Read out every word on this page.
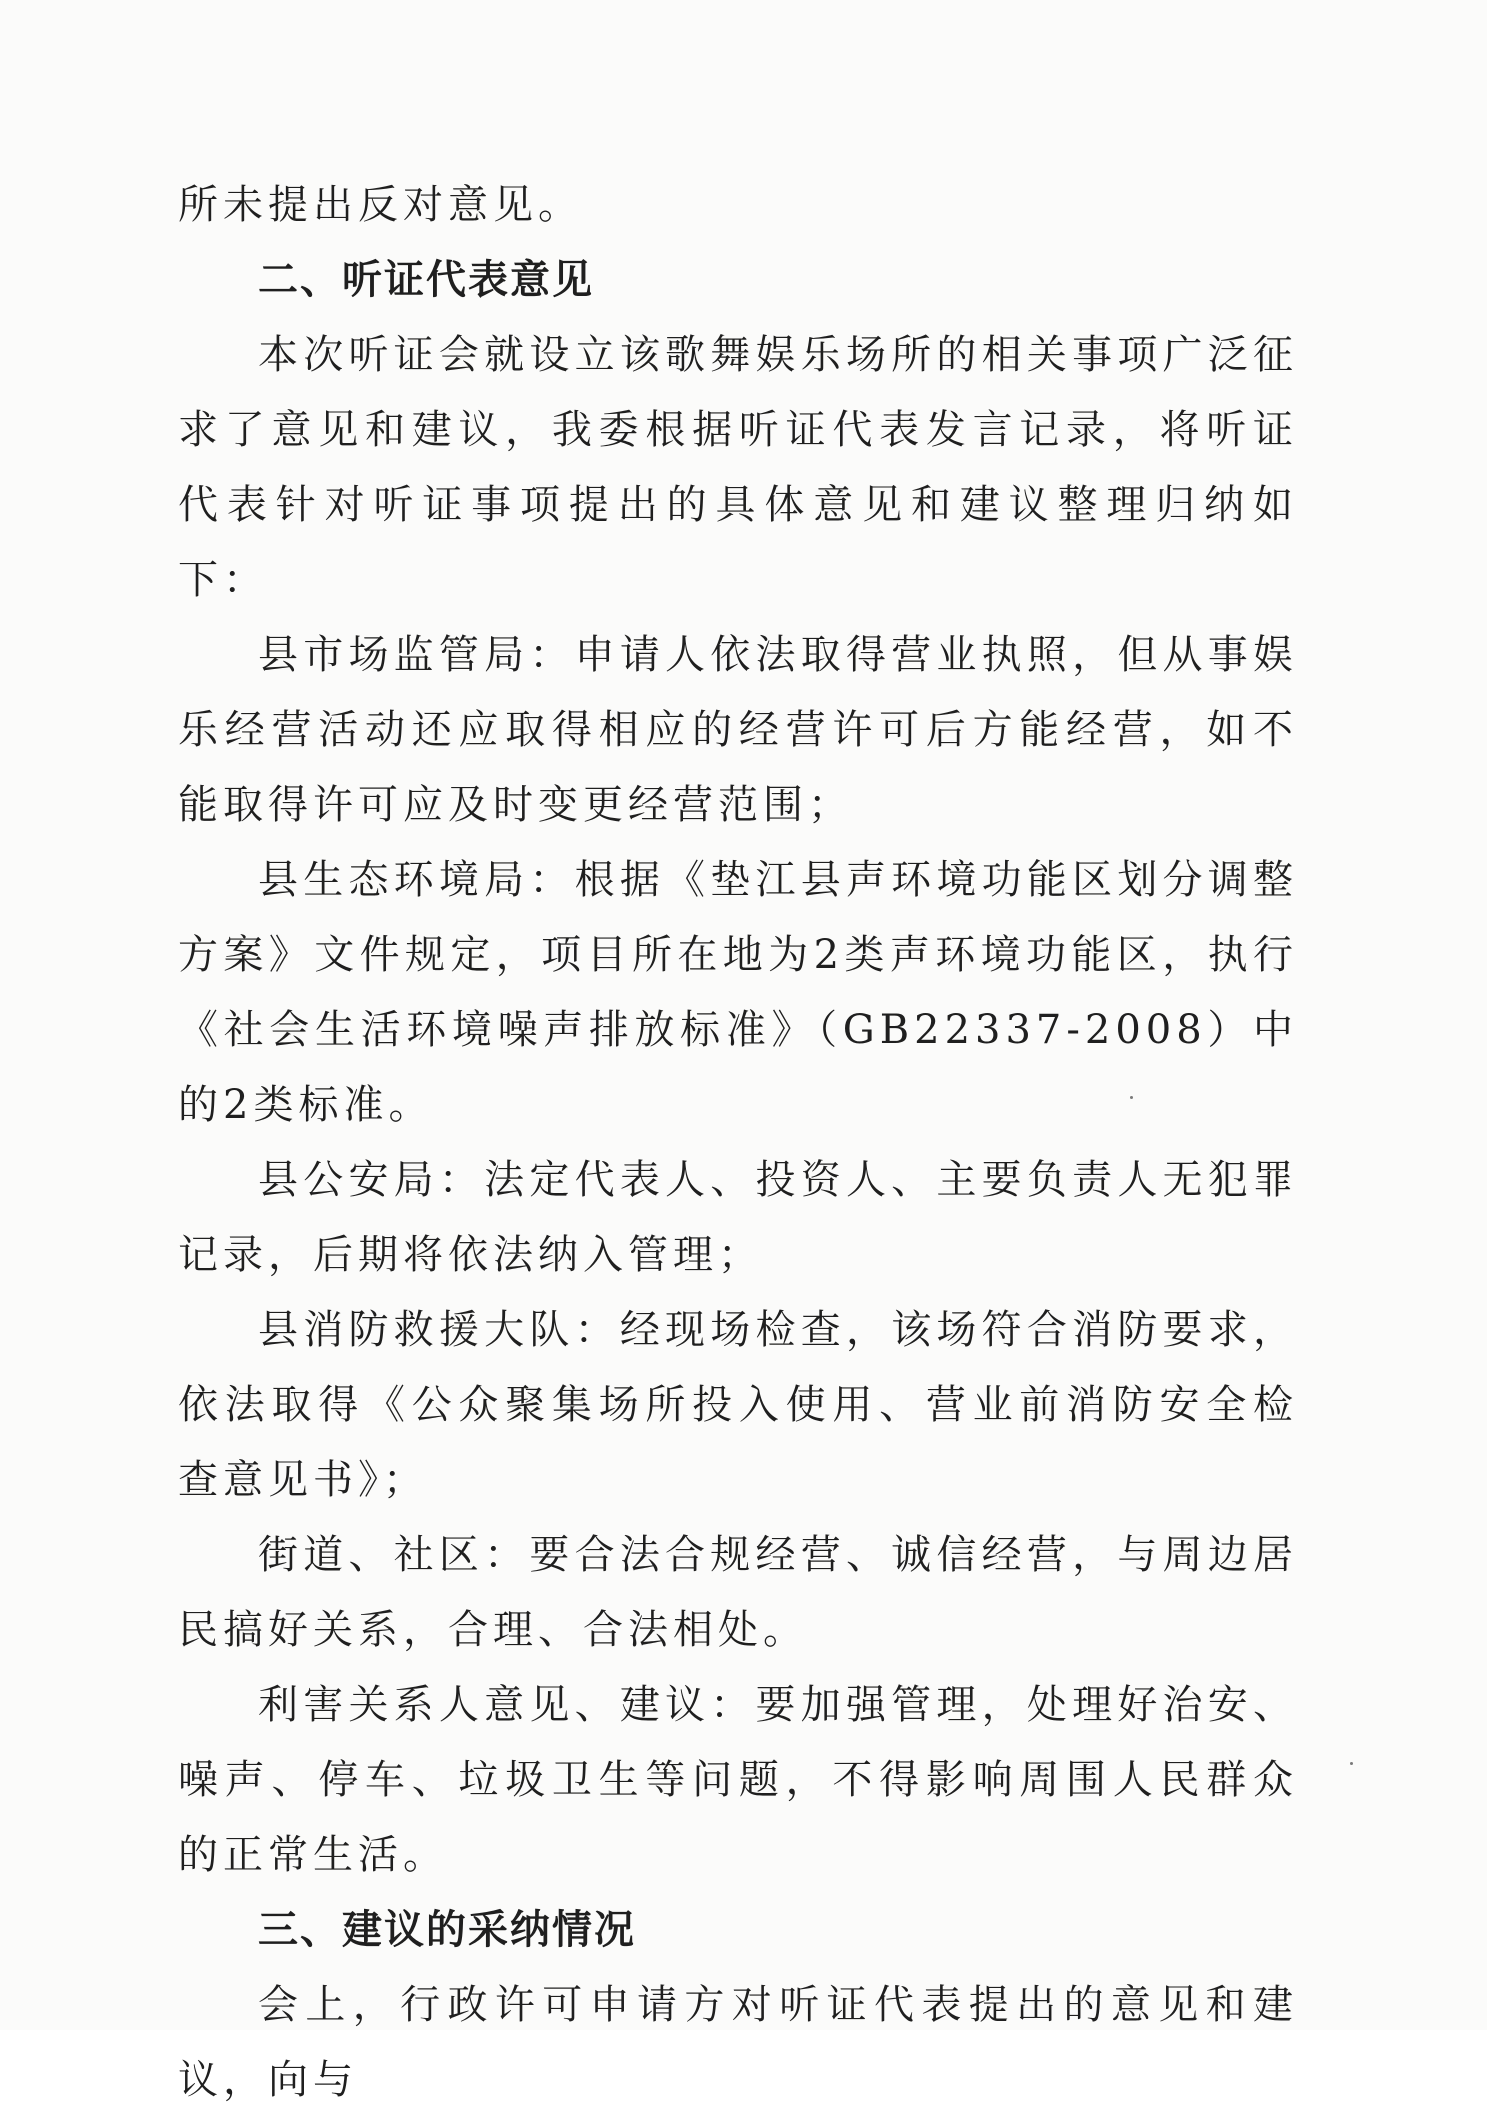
所未提出反对意见。

二、听证代表意见

本次听证会就设立该歌舞娱乐场所的相关事项广泛征求了意见和建议，我委根据听证代表发言记录，将听证代表针对听证事项提出的具体意见和建议整理归纳如下：

县市场监管局：申请人依法取得营业执照，但从事娱乐经营活动还应取得相应的经营许可后方能经营，如不能取得许可应及时变更经营范围；

县生态环境局：根据《垫江县声环境功能区划分调整方案》文件规定，项目所在地为2类声环境功能区，执行《社会生活环境噪声排放标准》（GB22337-2008）中的2类标准。

县公安局：法定代表人、投资人、主要负责人无犯罪记录，后期将依法纳入管理；

县消防救援大队：经现场检查，该场符合消防要求，依法取得《公众聚集场所投入使用、营业前消防安全检查意见书》；

街道、社区：要合法合规经营、诚信经营，与周边居民搞好关系，合理、合法相处。

利害关系人意见、建议：要加强管理，处理好治安、噪声、停车、垃圾卫生等问题，不得影响周围人民群众的正常生活。

三、建议的采纳情况

会上，行政许可申请方对听证代表提出的意见和建议，向与
